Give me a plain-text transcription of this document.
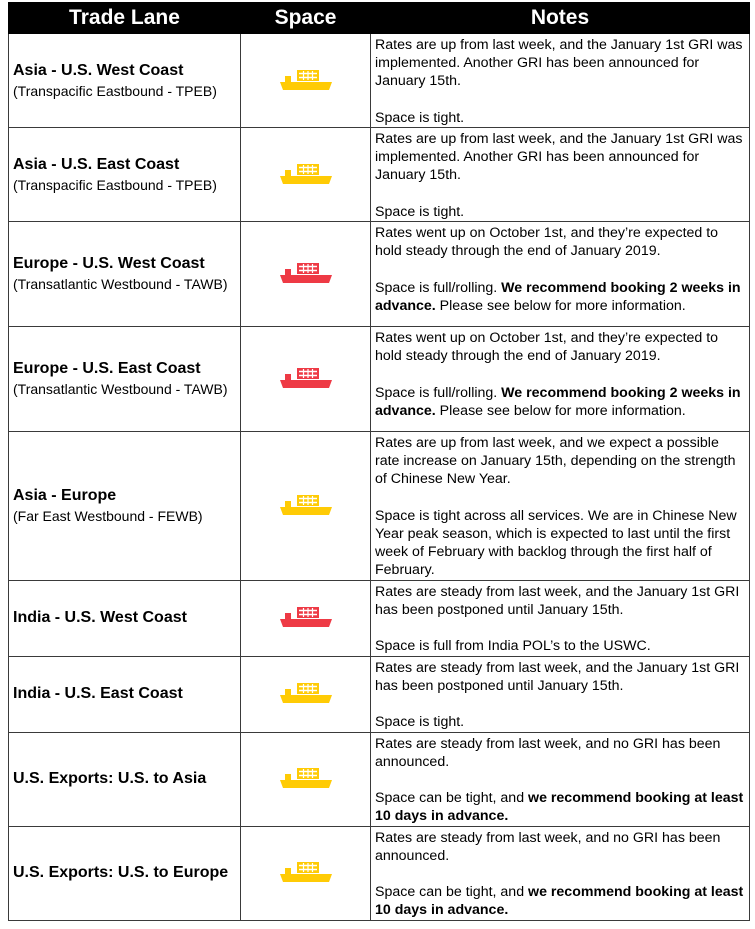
Trade Lane	Space	Notes

Asia - U.S. West Coast
(Transpacific Eastbound - TPEB)		Rates are up from last week, and the January 1st GRI was implemented. Another GRI has been announced for January 15th.
Space is tight.

Asia - U.S. East Coast
(Transpacific Eastbound - TPEB)		Rates are up from last week, and the January 1st GRI was implemented. Another GRI has been announced for January 15th.
Space is tight.

Europe - U.S. West Coast
(Transatlantic Westbound - TAWB)		Rates went up on October 1st, and they’re expected to hold steady through the end of January 2019.
Space is full/rolling. We recommend booking 2 weeks in advance. Please see below for more information.

Europe - U.S. East Coast
(Transatlantic Westbound - TAWB)		Rates went up on October 1st, and they’re expected to hold steady through the end of January 2019.
Space is full/rolling. We recommend booking 2 weeks in advance. Please see below for more information.

Asia - Europe
(Far East Westbound - FEWB)		Rates are up from last week, and we expect a possible rate increase on January 15th, depending on the strength of Chinese New Year.
Space is tight across all services. We are in Chinese New Year peak season, which is expected to last until the first week of February with backlog through the first half of February.

India - U.S. West Coast		Rates are steady from last week, and the January 1st GRI has been postponed until January 15th.
Space is full from India POL’s to the USWC.

India - U.S. East Coast		Rates are steady from last week, and the January 1st GRI has been postponed until January 15th.
Space is tight.

U.S. Exports: U.S. to Asia		Rates are steady from last week, and no GRI has been announced.
Space can be tight, and we recommend booking at least 10 days in advance.

U.S. Exports: U.S. to Europe		Rates are steady from last week, and no GRI has been announced.
Space can be tight, and we recommend booking at least 10 days in advance.
